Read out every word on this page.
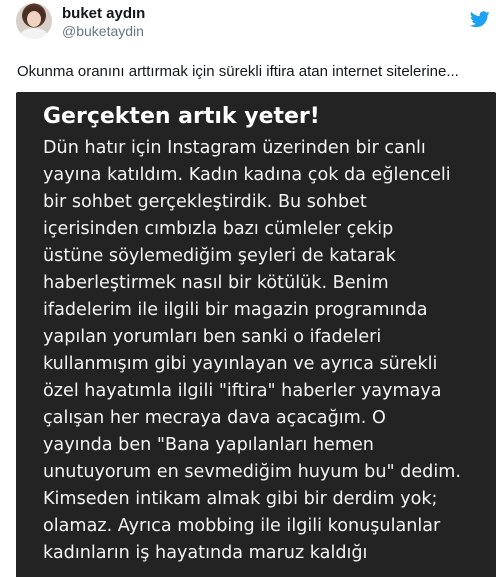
buket aydın
@buketaydin
Okunma oranını arttırmak için sürekli iftira atan internet sitelerine...
Gerçekten artık yeter!
Dün hatır için Instagram üzerinden bir canlı
yayına katıldım. Kadın kadına çok da eğlenceli
bir sohbet gerçekleştirdik. Bu sohbet
içerisinden cımbızla bazı cümleler çekip
üstüne söylemediğim şeyleri de katarak
haberleştirmek nasıl bir kötülük. Benim
ifadelerim ile ilgili bir magazin programında
yapılan yorumları ben sanki o ifadeleri
kullanmışım gibi yayınlayan ve ayrıca sürekli
özel hayatımla ilgili "iftira" haberler yaymaya
çalışan her mecraya dava açacağım. O
yayında ben "Bana yapılanları hemen
unutuyorum en sevmediğim huyum bu" dedim.
Kimseden intikam almak gibi bir derdim yok;
olamaz. Ayrıca mobbing ile ilgili konuşulanlar
kadınların iş hayatında maruz kaldığı
